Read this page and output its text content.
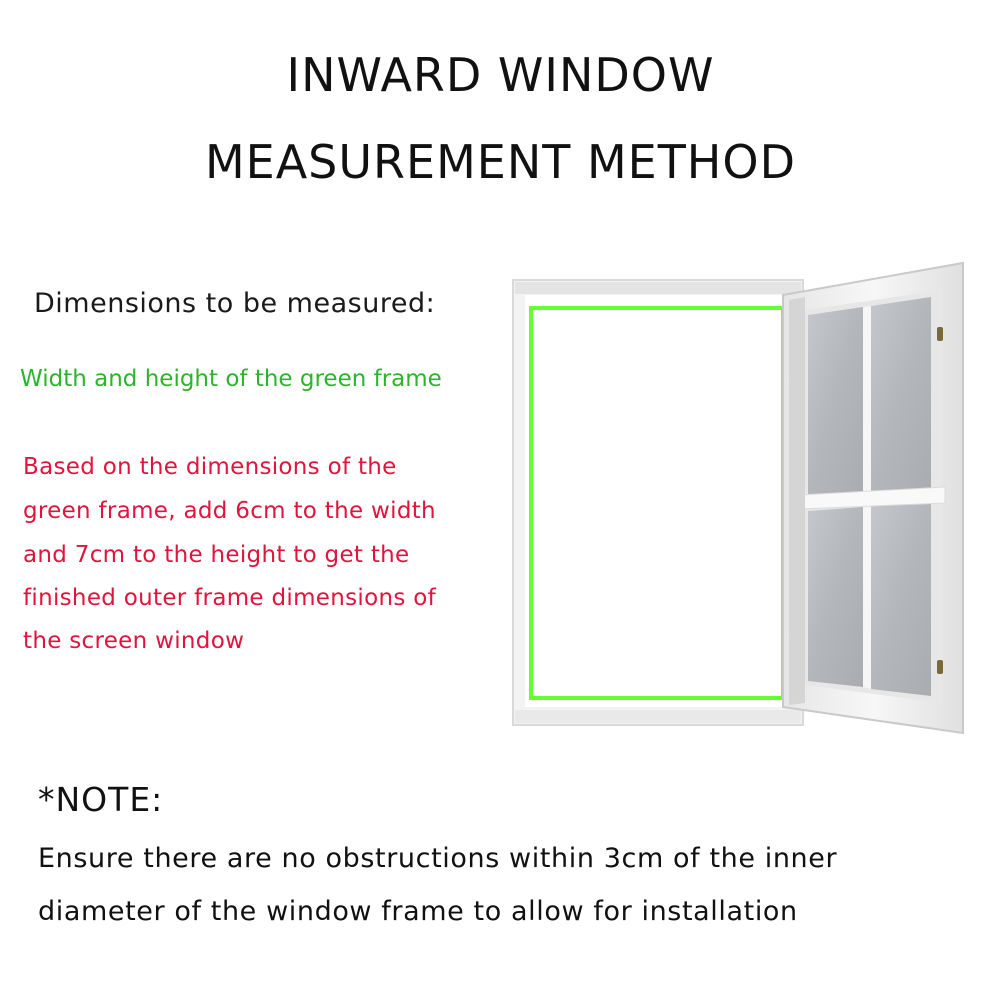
INWARD WINDOW
MEASUREMENT METHOD
Dimensions to be measured:
Width and height of the green frame
Based on the dimensions of the
green frame, add 6cm to the width
and 7cm to the height to get the
finished outer frame dimensions of
the screen window
*NOTE:
Ensure there are no obstructions within 3cm of the inner
diameter of the window frame to allow for installation
